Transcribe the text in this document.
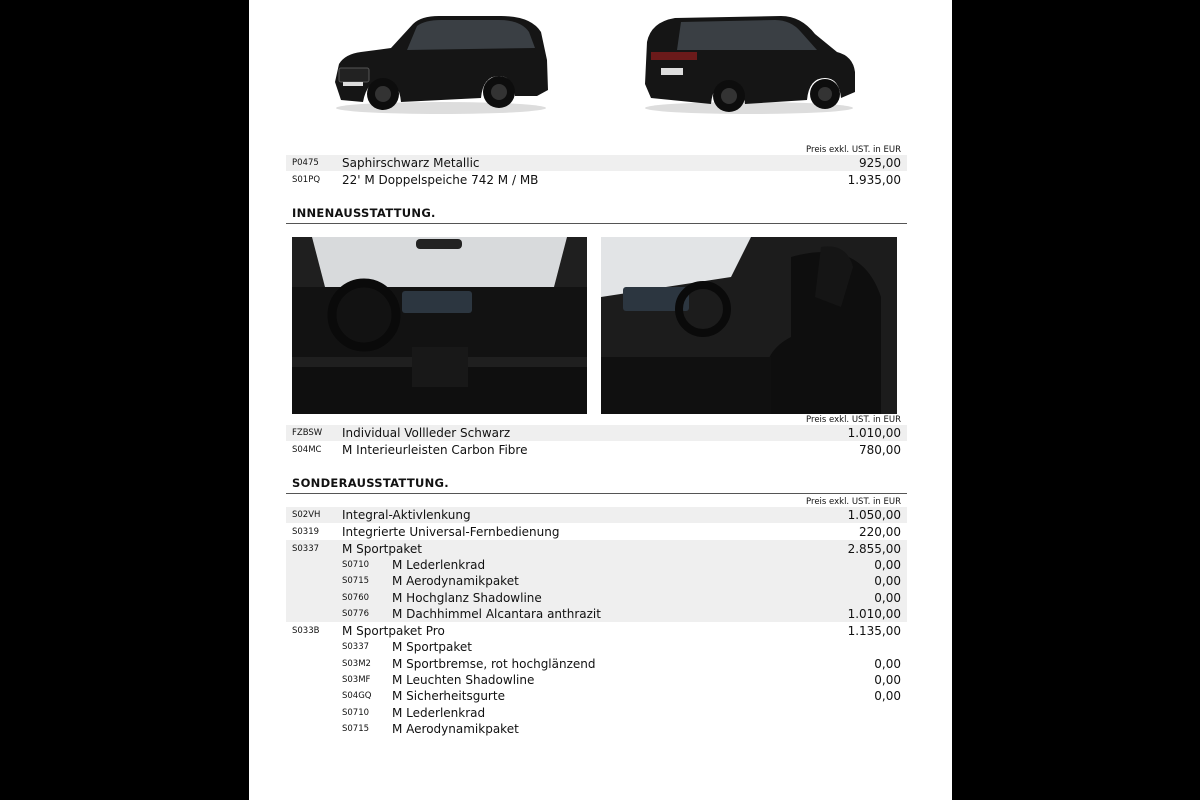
Preis exkl. UST. in EUR
P0475 Saphirschwarz Metallic	925,00
S01PQ 22' M Doppelspeiche 742 M / MB	1.935,00
INNENAUSSTATTUNG.
Preis exkl. UST. in EUR
FZBSW Individual Vollleder Schwarz	1.010,00
S04MC M Interieurleisten Carbon Fibre	780,00
SONDERAUSSTATTUNG.
Preis exkl. UST. in EUR
S02VH Integral-Aktivlenkung	1.050,00
S0319 Integrierte Universal-Fernbedienung	220,00
S0337 M Sportpaket	2.855,00
S0710 M Lederlenkrad	0,00
S0715 M Aerodynamikpaket	0,00
S0760 M Hochglanz Shadowline	0,00
S0776 M Dachhimmel Alcantara anthrazit	1.010,00
S033B M Sportpaket Pro	1.135,00
S0337 M Sportpaket
S03M2 M Sportbremse, rot hochglänzend	0,00
S03MF M Leuchten Shadowline	0,00
S04GQ M Sicherheitsgurte	0,00
S0710 M Lederlenkrad
S0715 M Aerodynamikpaket
